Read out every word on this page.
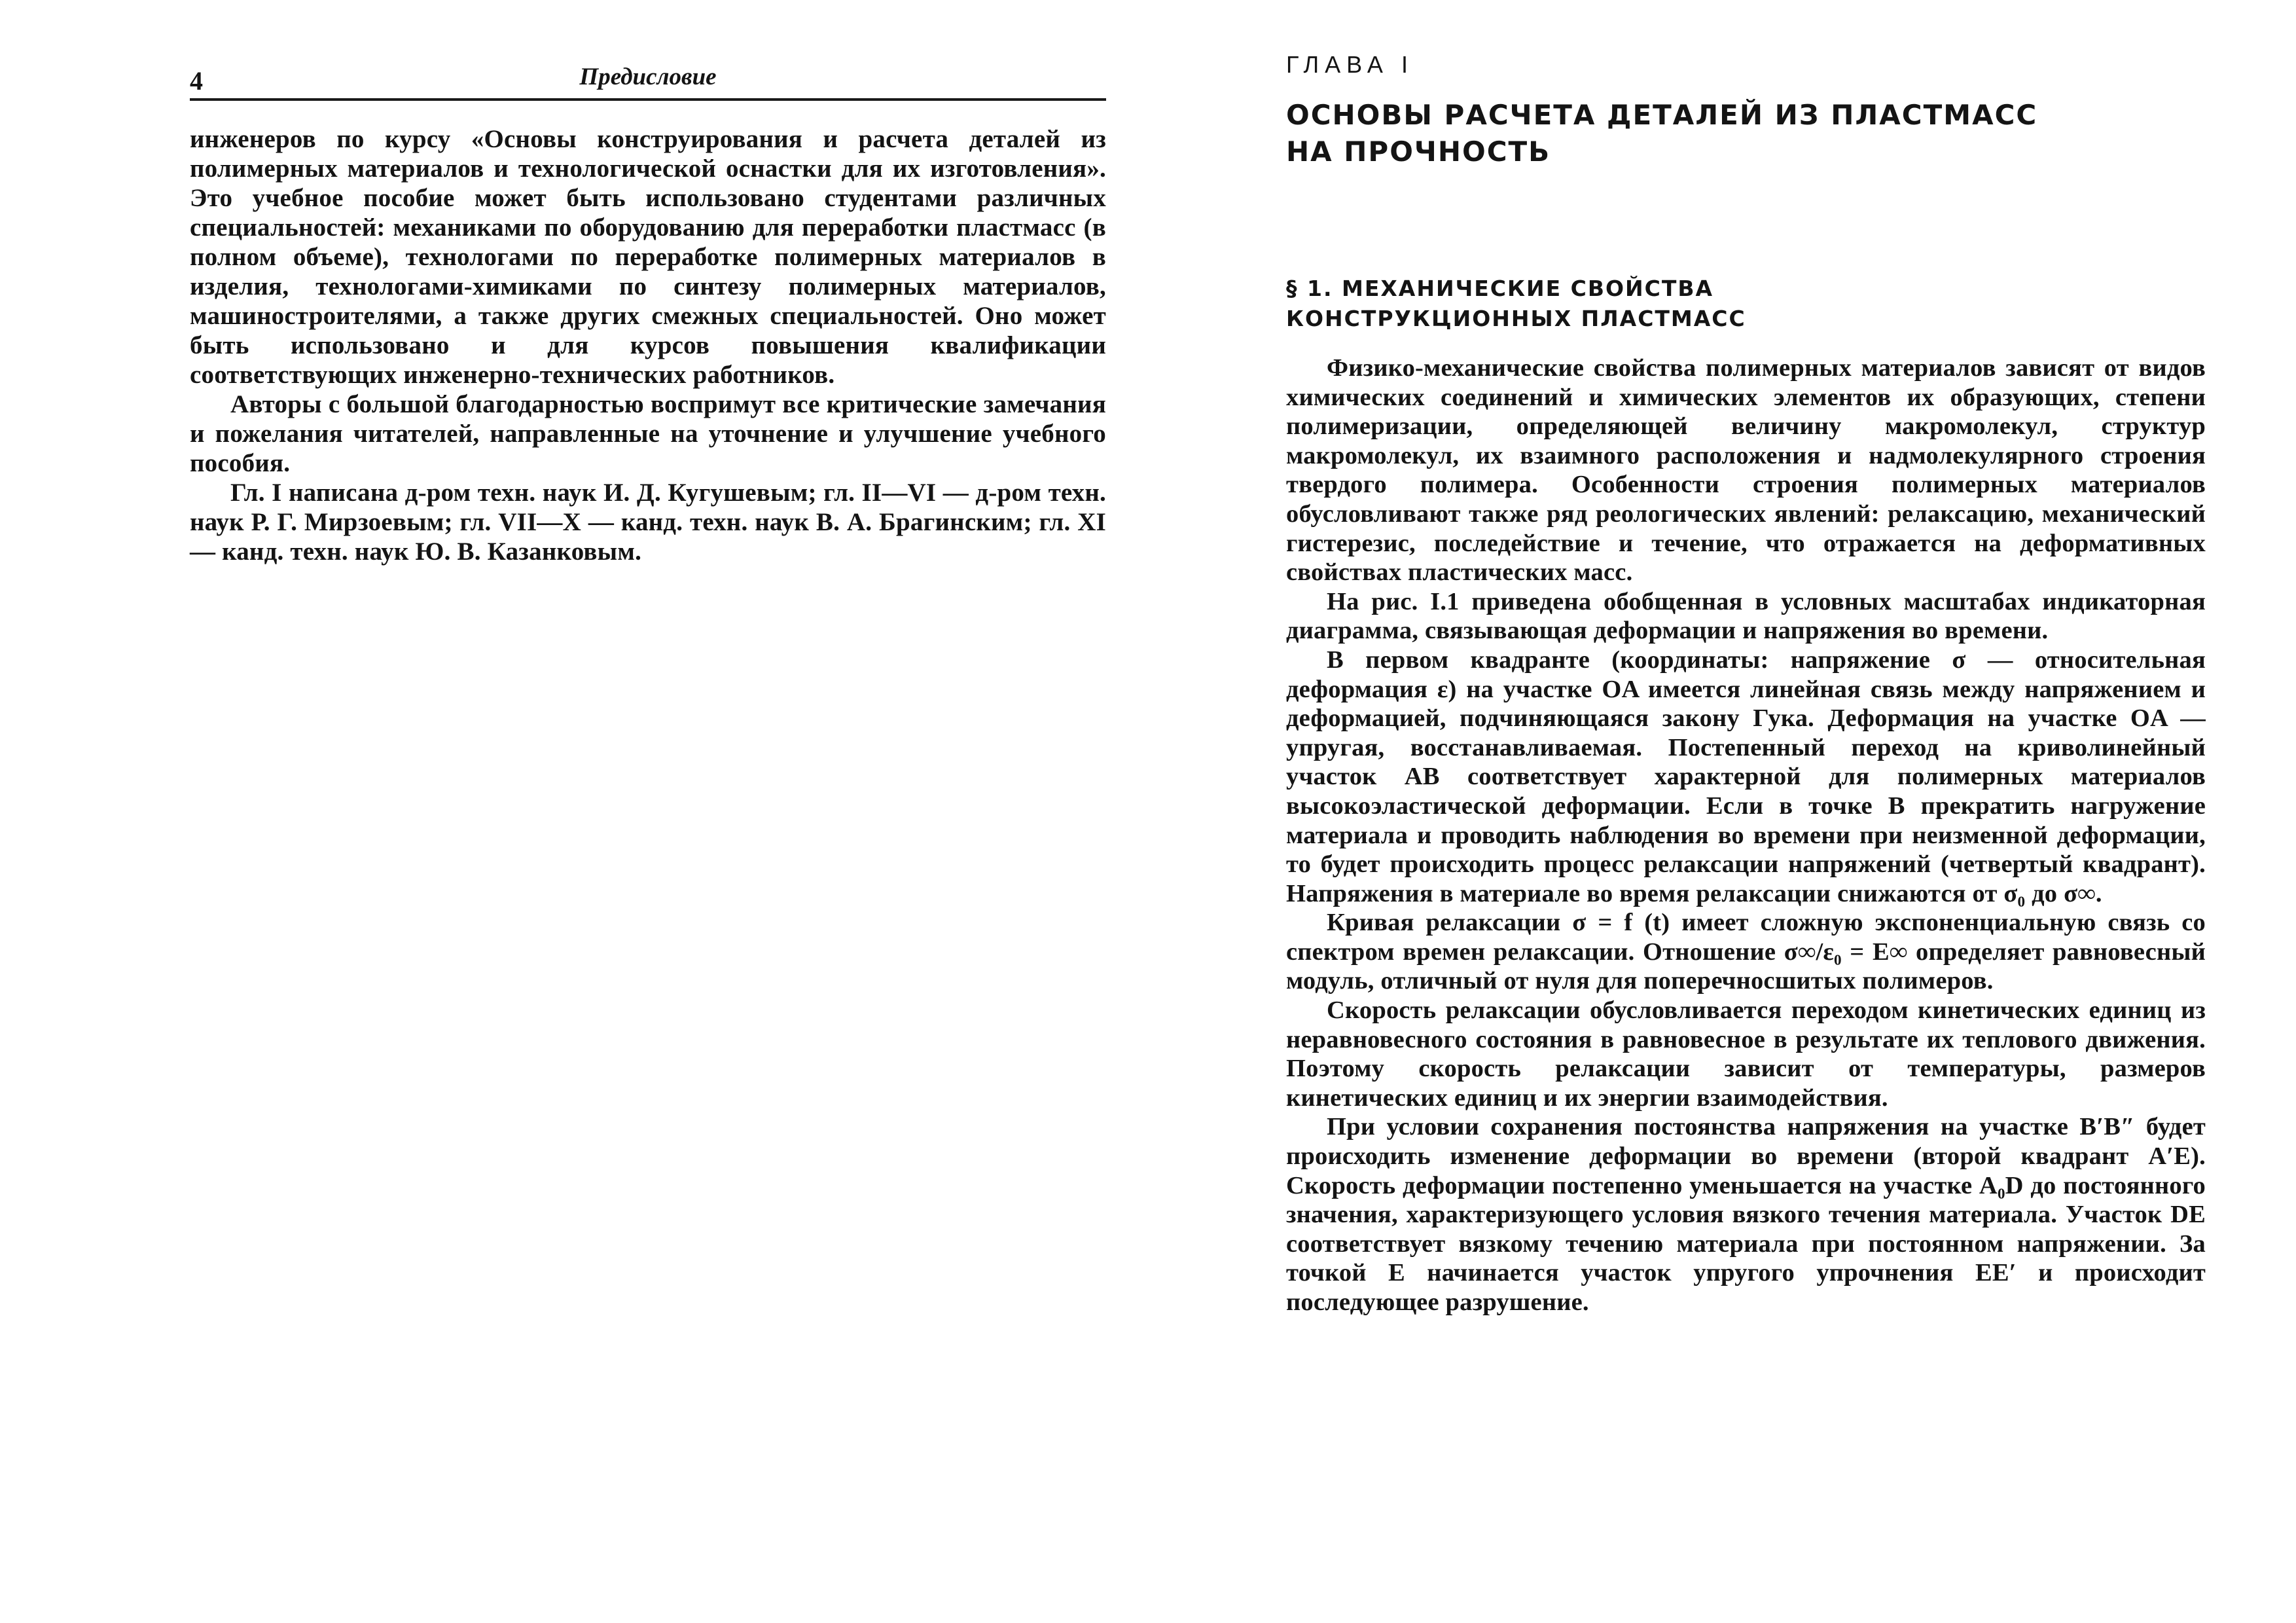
4	Предисловие

инженеров по курсу «Основы конструирования и расчета деталей из полимерных материалов и технологической оснастки для их изготовления». Это учебное пособие может быть использовано студентами различных специальностей: механиками по оборудованию для переработки пластмасс (в полном объеме), технологами по переработке полимерных материалов в изделия, технологами-химиками по синтезу полимерных материалов, машиностроителями, а также других смежных специальностей. Оно может быть использовано и для курсов повышения квалификации соответствующих инженерно-технических работников.

Авторы с большой благодарностью воспримут все критические замечания и пожелания читателей, направленные на уточнение и улучшение учебного пособия.

Гл. I написана д-ром техн. наук И. Д. Кугушевым; гл. II—VI — д-ром техн. наук Р. Г. Мирзоевым; гл. VII—X — канд. техн. наук В. А. Брагинским; гл. XI — канд. техн. наук Ю. В. Казанковым.

ГЛАВА I
ОСНОВЫ РАСЧЕТА ДЕТАЛЕЙ ИЗ ПЛАСТМАСС
НА ПРОЧНОСТЬ
§ 1. МЕХАНИЧЕСКИЕ СВОЙСТВА
КОНСТРУКЦИОННЫХ ПЛАСТМАСС

Физико-механические свойства полимерных материалов зависят от видов химических соединений и химических элементов их образующих, степени полимеризации, определяющей величину макромолекул, структур макромолекул, их взаимного расположения и надмолекулярного строения твердого полимера. Особенности строения полимерных материалов обусловливают также ряд реологических явлений: релаксацию, механический гистерезис, последействие и течение, что отражается на деформативных свойствах пластических масс.

На рис. I.1 приведена обобщенная в условных масштабах индикаторная диаграмма, связывающая деформации и напряжения во времени.

В первом квадранте (координаты: напряжение σ — относительная деформация ε) на участке OA имеется линейная связь между напряжением и деформацией, подчиняющаяся закону Гука. Деформация на участке OA — упругая, восстанавливаемая. Постепенный переход на криволинейный участок AB соответствует характерной для полимерных материалов высокоэластической деформации. Если в точке B прекратить нагружение материала и проводить наблюдения во времени при неизменной деформации, то будет происходить процесс релаксации напряжений (четвертый квадрант). Напряжения в материале во время релаксации снижаются от σ₀ до σ∞.

Кривая релаксации σ = f (t) имеет сложную экспоненциальную связь со спектром времен релаксации. Отношение σ∞/ε₀ = E∞ определяет равновесный модуль, отличный от нуля для поперечносшитых полимеров.

Скорость релаксации обусловливается переходом кинетических единиц из неравновесного состояния в равновесное в результате их теплового движения. Поэтому скорость релаксации зависит от температуры, размеров кинетических единиц и их энергии взаимодействия.

При условии сохранения постоянства напряжения на участке B′B″ будет происходить изменение деформации во времени (второй квадрант A′E). Скорость деформации постепенно уменьшается на участке A₀D до постоянного значения, характеризующего условия вязкого течения материала. Участок DE соответствует вязкому течению материала при постоянном напряжении. За точкой E начинается участок упругого упрочнения EE′ и происходит последующее разрушение.
